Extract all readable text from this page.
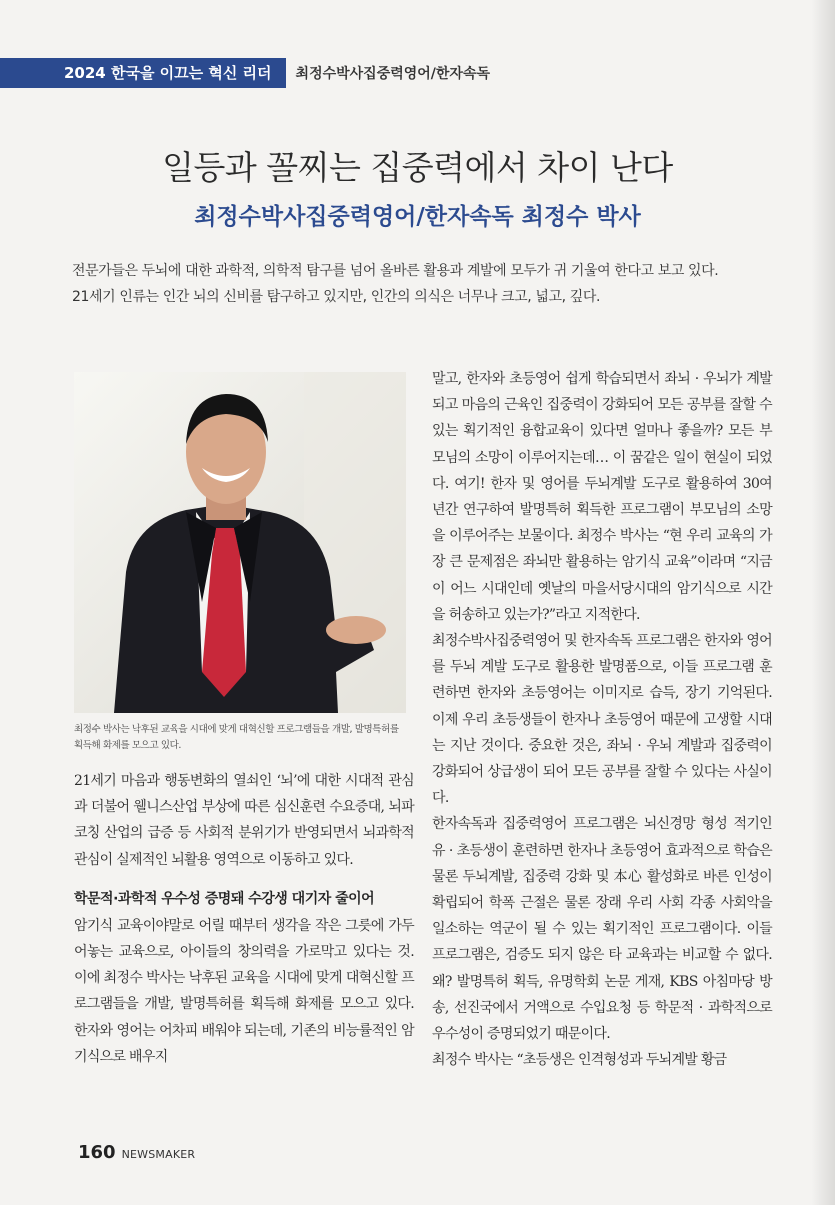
2024 한국을 이끄는 혁신 리더	최정수박사집중력영어/한자속독
일등과 꼴찌는 집중력에서 차이 난다
최정수박사집중력영어/한자속독 최정수 박사
전문가들은 두뇌에 대한 과학적, 의학적 탐구를 넘어 올바른 활용과 계발에 모두가 귀 기울여 한다고 보고 있다.
21세기 인류는 인간 뇌의 신비를 탐구하고 있지만, 인간의 의식은 너무나 크고, 넓고, 깊다.
최정수 박사는 낙후된 교육을 시대에 맞게 대혁신할 프로그램들을 개발, 발명특허를 획득해 화제를 모으고 있다.

21세기 마음과 행동변화의 열쇠인 ‘뇌’에 대한 시대적 관심과 더불어 웰니스산업 부상에 따른 심신훈련 수요증대, 뇌파코칭 산업의 급증 등 사회적 분위기가 반영되면서 뇌과학적 관심이 실제적인 뇌활용 영역으로 이동하고 있다.

학문적·과학적 우수성 증명돼 수강생 대기자 줄이어

암기식 교육이야말로 어릴 때부터 생각을 작은 그릇에 가두어놓는 교육으로, 아이들의 창의력을 가로막고 있다는 것. 이에 최정수 박사는 낙후된 교육을 시대에 맞게 대혁신할 프로그램들을 개발, 발명특허를 획득해 화제를 모으고 있다. 한자와 영어는 어차피 배워야 되는데, 기존의 비능률적인 암기식으로 배우지

말고, 한자와 초등영어 쉽게 학습되면서 좌뇌 · 우뇌가 계발되고 마음의 근육인 집중력이 강화되어 모든 공부를 잘할 수 있는 획기적인 융합교육이 있다면 얼마나 좋을까? 모든 부모님의 소망이 이루어지는데… 이 꿈같은 일이 현실이 되었다. 여기! 한자 및 영어를 두뇌계발 도구로 활용하여 30여 년간 연구하여 발명특허 획득한 프로그램이 부모님의 소망을 이루어주는 보물이다. 최정수 박사는 “현 우리 교육의 가장 큰 문제점은 좌뇌만 활용하는 암기식 교육”이라며 “지금이 어느 시대인데 옛날의 마을서당시대의 암기식으로 시간을 허송하고 있는가?”라고 지적한다.

최정수박사집중력영어 및 한자속독 프로그램은 한자와 영어를 두뇌 계발 도구로 활용한 발명품으로, 이들 프로그램 훈련하면 한자와 초등영어는 이미지로 습득, 장기 기억된다. 이제 우리 초등생들이 한자나 초등영어 때문에 고생할 시대는 지난 것이다. 중요한 것은, 좌뇌 · 우뇌 계발과 집중력이 강화되어 상급생이 되어 모든 공부를 잘할 수 있다는 사실이다.

한자속독과 집중력영어 프로그램은 뇌신경망 형성 적기인 유 · 초등생이 훈련하면 한자나 초등영어 효과적으로 학습은 물론 두뇌계발, 집중력 강화 및 本心 활성화로 바른 인성이 확립되어 학폭 근절은 물론 장래 우리 사회 각종 사회악을 일소하는 역군이 될 수 있는 획기적인 프로그램이다. 이들 프로그램은, 검증도 되지 않은 타 교육과는 비교할 수 없다. 왜? 발명특허 획득, 유명학회 논문 게재, KBS 아침마당 방송, 선진국에서 거액으로 수입요청 등 학문적 · 과학적으로 우수성이 증명되었기 때문이다.

최정수 박사는 “초등생은 인격형성과 두뇌계발 황금

160 NEWSMAKER
